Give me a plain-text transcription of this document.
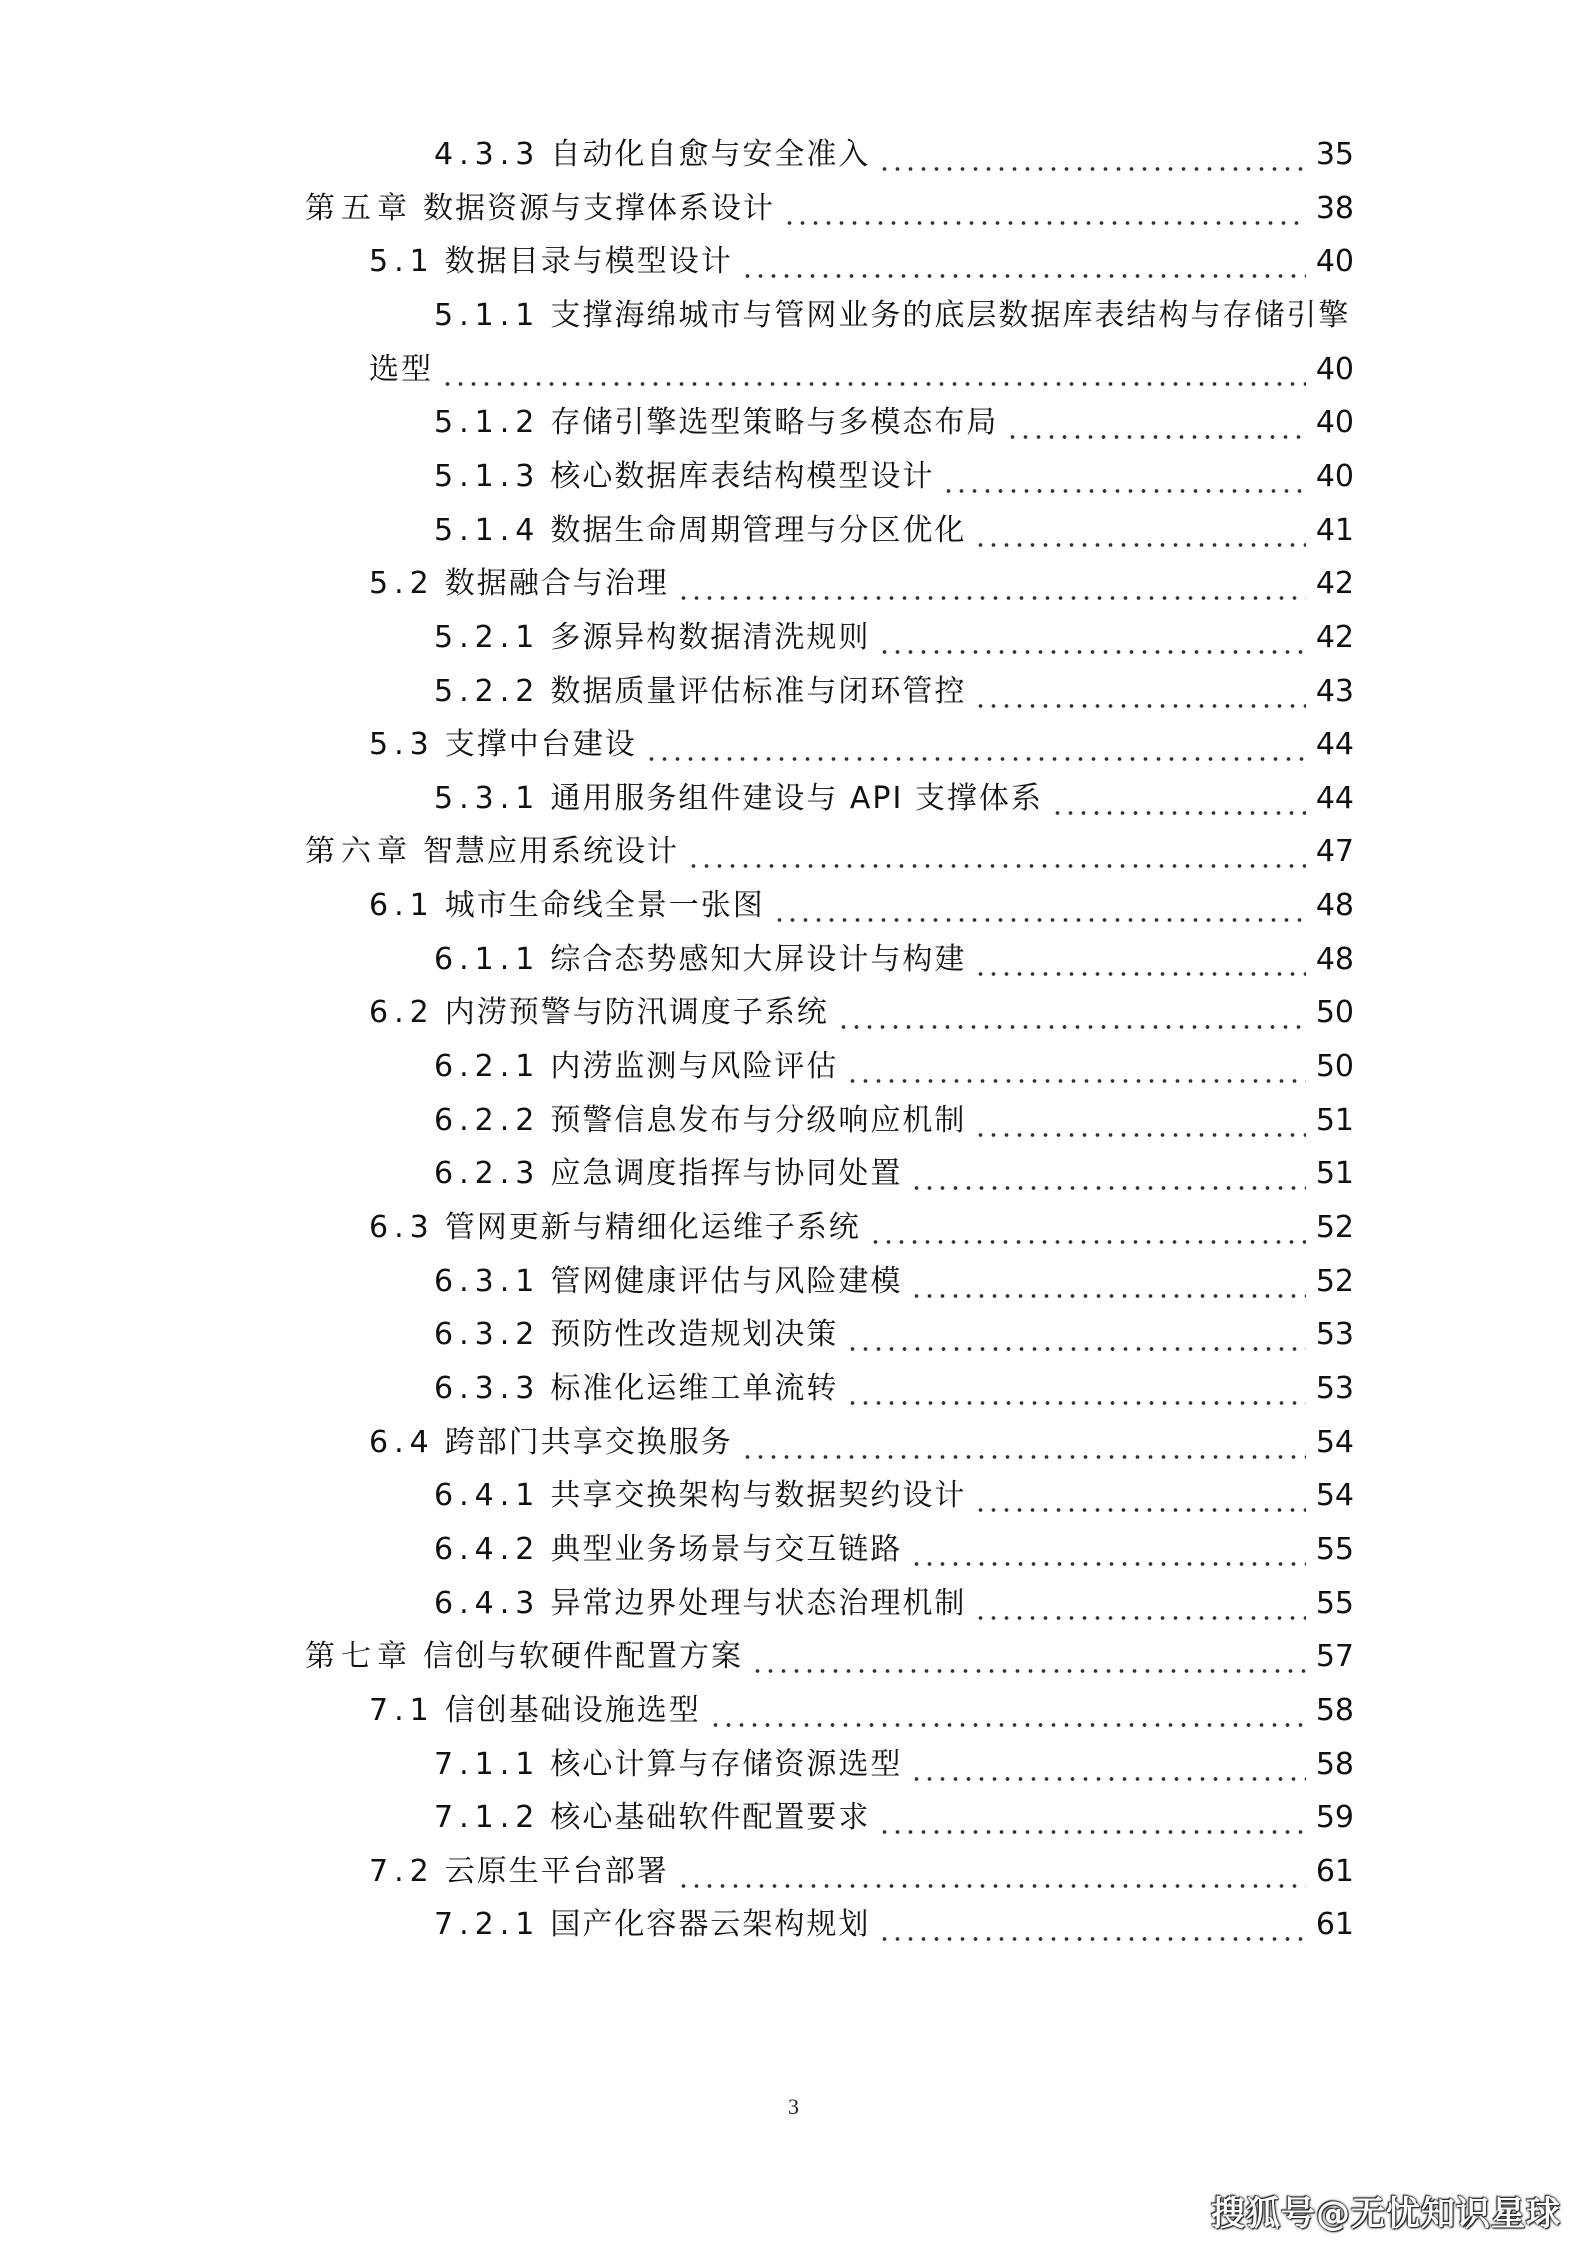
4.3.3 自动化自愈与安全准入	35
第五章 数据资源与支撑体系设计	38
5.1 数据目录与模型设计	40
5.1.1 支撑海绵城市与管网业务的底层数据库表结构与存储引擎
选型	40
5.1.2 存储引擎选型策略与多模态布局	40
5.1.3 核心数据库表结构模型设计	40
5.1.4 数据生命周期管理与分区优化	41
5.2 数据融合与治理	42
5.2.1 多源异构数据清洗规则	42
5.2.2 数据质量评估标准与闭环管控	43
5.3 支撑中台建设	44
5.3.1 通用服务组件建设与 API 支撑体系	44
第六章 智慧应用系统设计	47
6.1 城市生命线全景一张图	48
6.1.1 综合态势感知大屏设计与构建	48
6.2 内涝预警与防汛调度子系统	50
6.2.1 内涝监测与风险评估	50
6.2.2 预警信息发布与分级响应机制	51
6.2.3 应急调度指挥与协同处置	51
6.3 管网更新与精细化运维子系统	52
6.3.1 管网健康评估与风险建模	52
6.3.2 预防性改造规划决策	53
6.3.3 标准化运维工单流转	53
6.4 跨部门共享交换服务	54
6.4.1 共享交换架构与数据契约设计	54
6.4.2 典型业务场景与交互链路	55
6.4.3 异常边界处理与状态治理机制	55
第七章 信创与软硬件配置方案	57
7.1 信创基础设施选型	58
7.1.1 核心计算与存储资源选型	58
7.1.2 核心基础软件配置要求	59
7.2 云原生平台部署	61
7.2.1 国产化容器云架构规划	61
3
搜狐号@无忧知识星球
